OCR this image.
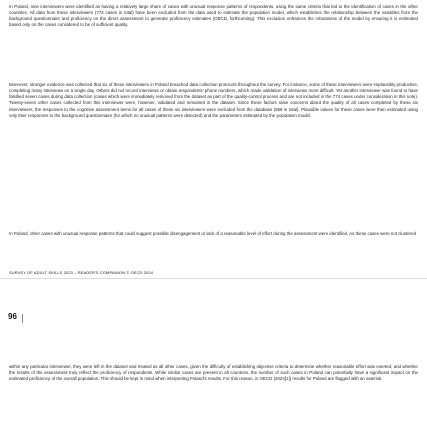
In Poland, nine interviewers were identified as having a relatively large share of cases with unusual response patterns of respondents, using the same criteria that led to the identification of cases in the other countries. All data from these interviewers (774 cases in total) have been excluded from the data used to estimate the population model, which establishes the relationship between the variables from the background questionnaire and proficiency on the direct assessment to generate proficiency estimates (OECD, forthcoming). This exclusion enhances the robustness of the model by ensuring it is estimated based only on the cases considered to be of sufficient quality.

Moreover, stronger evidence was collected that six of these interviewers in Poland breached data collection protocols throughout the survey. For instance, some of these interviewers were implausibly productive, completing many interviews on a single day. Others did not record interviews or obtain respondents' phone numbers, which made validation of interviews more difficult. Yet another interviewer was found to have falsified seven cases during data collection (cases which were immediately removed from the dataset as part of the quality-control process and are not included in the 774 cases under consideration in this note). Twenty-seven other cases collected from this interviewer were, however, validated and remained in the dataset. Since these factors raise concerns about the quality of all cases completed by these six interviewers, the responses to the cognitive assessment items for all cases of these six interviewers were excluded from the database (559 in total). Plausible values for these cases were then estimated using only their responses to the background questionnaire (for which no unusual patterns were detected) and the parameters estimated by the population model.

In Poland, other cases with unusual response patterns that could suggest possible disengagement or lack of a reasonable level of effort during the assessment were identified. As these cases were not clustered

SURVEY OF ADULT SKILLS 2023 – READER'S COMPANION © OECD 2024
96

within any particular interviewer, they were left in the dataset and treated as all other cases, given the difficulty of establishing objective criteria to determine whether reasonable effort was exerted, and whether the results of the assessment truly reflect the proficiency of respondents. While similar cases are present in all countries, the number of such cases in Poland can potentially have a significant impact on the estimated proficiency of the overall population. This should be kept in mind when interpreting Poland's results. For this reason, in OECD (2024[1]) results for Poland are flagged with an asterisk.
